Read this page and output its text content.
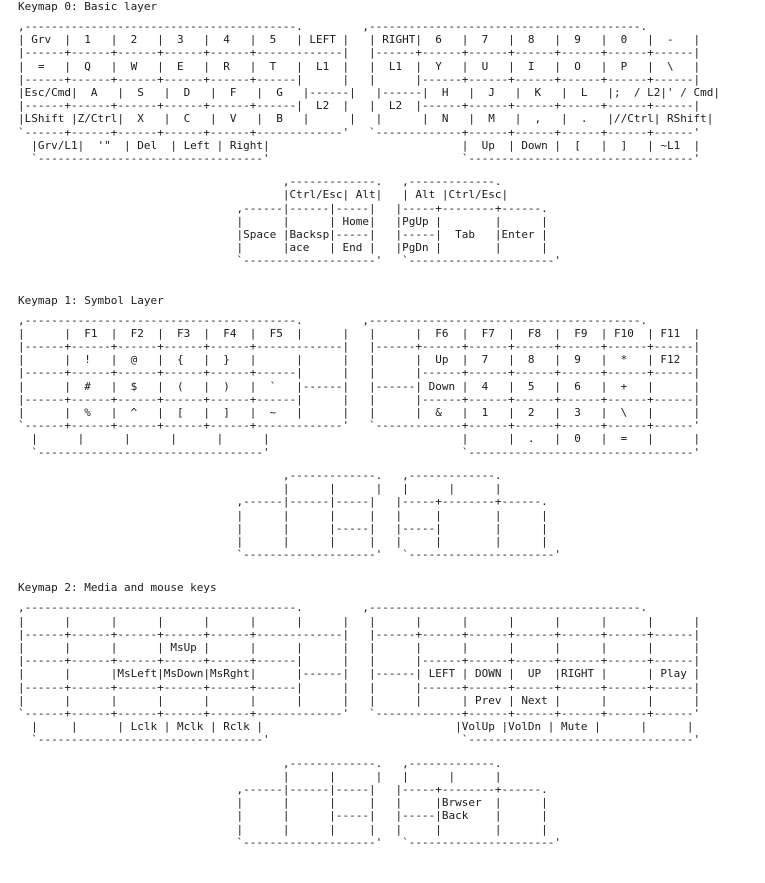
Keymap 0: Basic layer
,-----------------------------------------.         ,-----------------------------------------.
| Grv  |  1   |  2   |  3   |  4   |  5   | LEFT |   | RIGHT|  6   |  7   |  8   |  9   |  0   |  -   |
|------+------+------+------+------+-------------|   |------+------+------+------+------+------+------|
|  =   |  Q   |  W   |  E   |  R   |  T   |  L1  |   |  L1  |  Y   |  U   |  I   |  O   |  P   |  \   |
|------+------+------+------+------+------|      |   |      |------+------+------+------+------+------|
|Esc/Cmd|  A   |  S   |  D   |  F   |  G   |------|   |------|  H   |  J   |  K   |  L   |;  / L2|' / Cmd|
|------+------+------+------+------+------|  L2  |   |  L2  |------+------+------+------+------+------|
|LShift |Z/Ctrl|  X   |  C   |  V   |  B   |      |   |      |  N   |  M   |  ,   |  .   |//Ctrl| RShift|
`------+------+------+------+------+-------------'   `-------------+------+------+------+------+------'
|Grv/L1|  '"  | Del  | Left | Right|                             |  Up  | Down |  [   |  ]   | ~L1  |
`----------------------------------'                             `----------------------------------'
,-------------.   ,-------------.
|Ctrl/Esc| Alt|   | Alt |Ctrl/Esc|
,------|------|-----|   |-----+--------+------.
|      |      | Home|   |PgUp |        |      |
|Space |Backsp|-----|   |-----|  Tab   |Enter |
|      |ace   | End |   |PgDn |        |      |
`--------------------'   `----------------------'
Keymap 1: Symbol Layer
,-----------------------------------------.         ,-----------------------------------------.
|      |  F1  |  F2  |  F3  |  F4  |  F5  |      |   |      |  F6  |  F7  |  F8  |  F9  | F10  | F11  |
|------+------+------+------+------+-------------|   |------+------+------+------+------+------+------|
|      |  !   |  @   |  {   |  }   |      |      |   |      |  Up  |  7   |  8   |  9   |  *   | F12  |
|------+------+------+------+------+------|      |   |      |------+------+------+------+------+------|
|      |  #   |  $   |  (   |  )   |  `   |------|   |------| Down |  4   |  5   |  6   |  +   |      |
|------+------+------+------+------+------|      |   |      |------+------+------+------+------+------|
|      |  %   |  ^   |  [   |  ]   |  ~   |      |   |      |  &   |  1   |  2   |  3   |  \   |      |
`------+------+------+------+------+-------------'   `-------------+------+------+------+------+------'
|      |      |      |      |      |                             |      |  .   |  0   |  =   |      |
`----------------------------------'                             `----------------------------------'
,-------------.   ,-------------.
|      |      |   |      |      |
,------|------|-----|   |-----+--------+------.
|      |      |     |   |     |        |      |
|      |      |-----|   |-----|        |      |
|      |      |     |   |     |        |      |
`--------------------'   `----------------------'
Keymap 2: Media and mouse keys
,-----------------------------------------.         ,-----------------------------------------.
|      |      |      |      |      |      |      |   |      |      |      |      |      |      |      |
|------+------+------+------+------+-------------|   |------+------+------+------+------+------+------|
|      |      |      | MsUp |      |      |      |   |      |      |      |      |      |      |      |
|------+------+------+------+------+------|      |   |      |------+------+------+------+------+------|
|      |      |MsLeft|MsDown|MsRght|      |------|   |------| LEFT | DOWN |  UP  |RIGHT |      | Play |
|------+------+------+------+------+------|      |   |      |------+------+------+------+------+------|
|      |      |      |      |      |      |      |   |      |      | Prev | Next |      |      |      |
`------+------+------+------+------+-------------'   `-------------+------+------+------+------+------'
|     |      | Lclk | Mclk | Rclk |                             |VolUp |VolDn | Mute |      |      |
`----------------------------------'                             `----------------------------------'
,-------------.   ,-------------.
|      |      |   |      |      |
,------|------|-----|   |-----+--------+------.
|      |      |     |   |     |Brwser  |      |
|      |      |-----|   |-----|Back    |      |
|      |      |     |   |     |        |      |
`--------------------'   `----------------------'
